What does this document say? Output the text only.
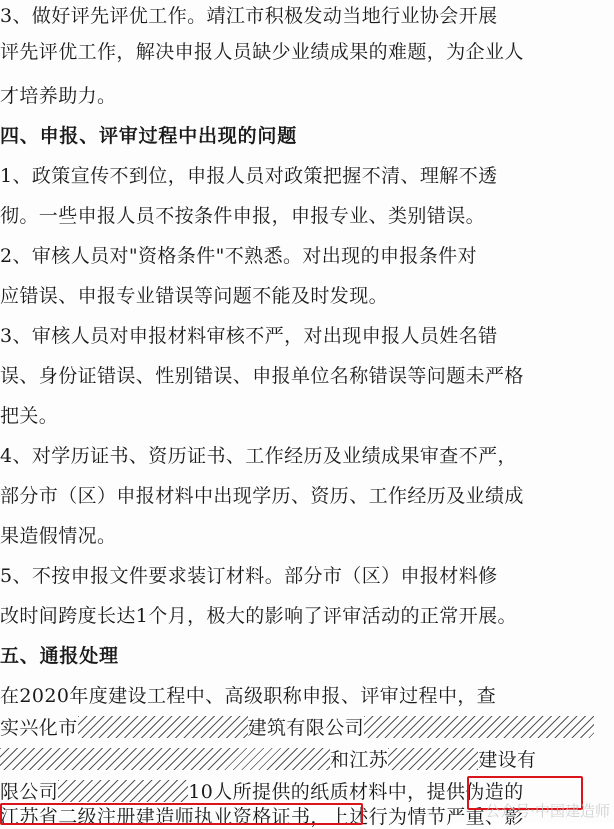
3、做好评先评优工作。靖江市积极发动当地行业协会开展
评先评优工作，解决申报人员缺少业绩成果的难题，为企业人
才培养助力。
四、申报、评审过程中出现的问题
1、政策宣传不到位，申报人员对政策把握不清、理解不透
彻。一些申报人员不按条件申报，申报专业、类别错误。
2、审核人员对"资格条件"不熟悉。对出现的申报条件对
应错误、申报专业错误等问题不能及时发现。
3、审核人员对申报材料审核不严，对出现申报人员姓名错
误、身份证错误、性别错误、申报单位名称错误等问题未严格
把关。
4、对学历证书、资历证书、工作经历及业绩成果审查不严，
部分市（区）申报材料中出现学历、资历、工作经历及业绩成
果造假情况。
5、不按申报文件要求装订材料。部分市（区）申报材料修
改时间跨度长达1个月，极大的影响了评审活动的正常开展。
五、通报处理
在2020年度建设工程中、高级职称申报、评审过程中，查
实兴化市	建筑有限公司
和江苏	建设有
限公司	10人所提供的纸质材料中，提供伪造的
江苏省二级注册建造师执业资格证书，上述行为情节严重、影
公众号·中国建造师
